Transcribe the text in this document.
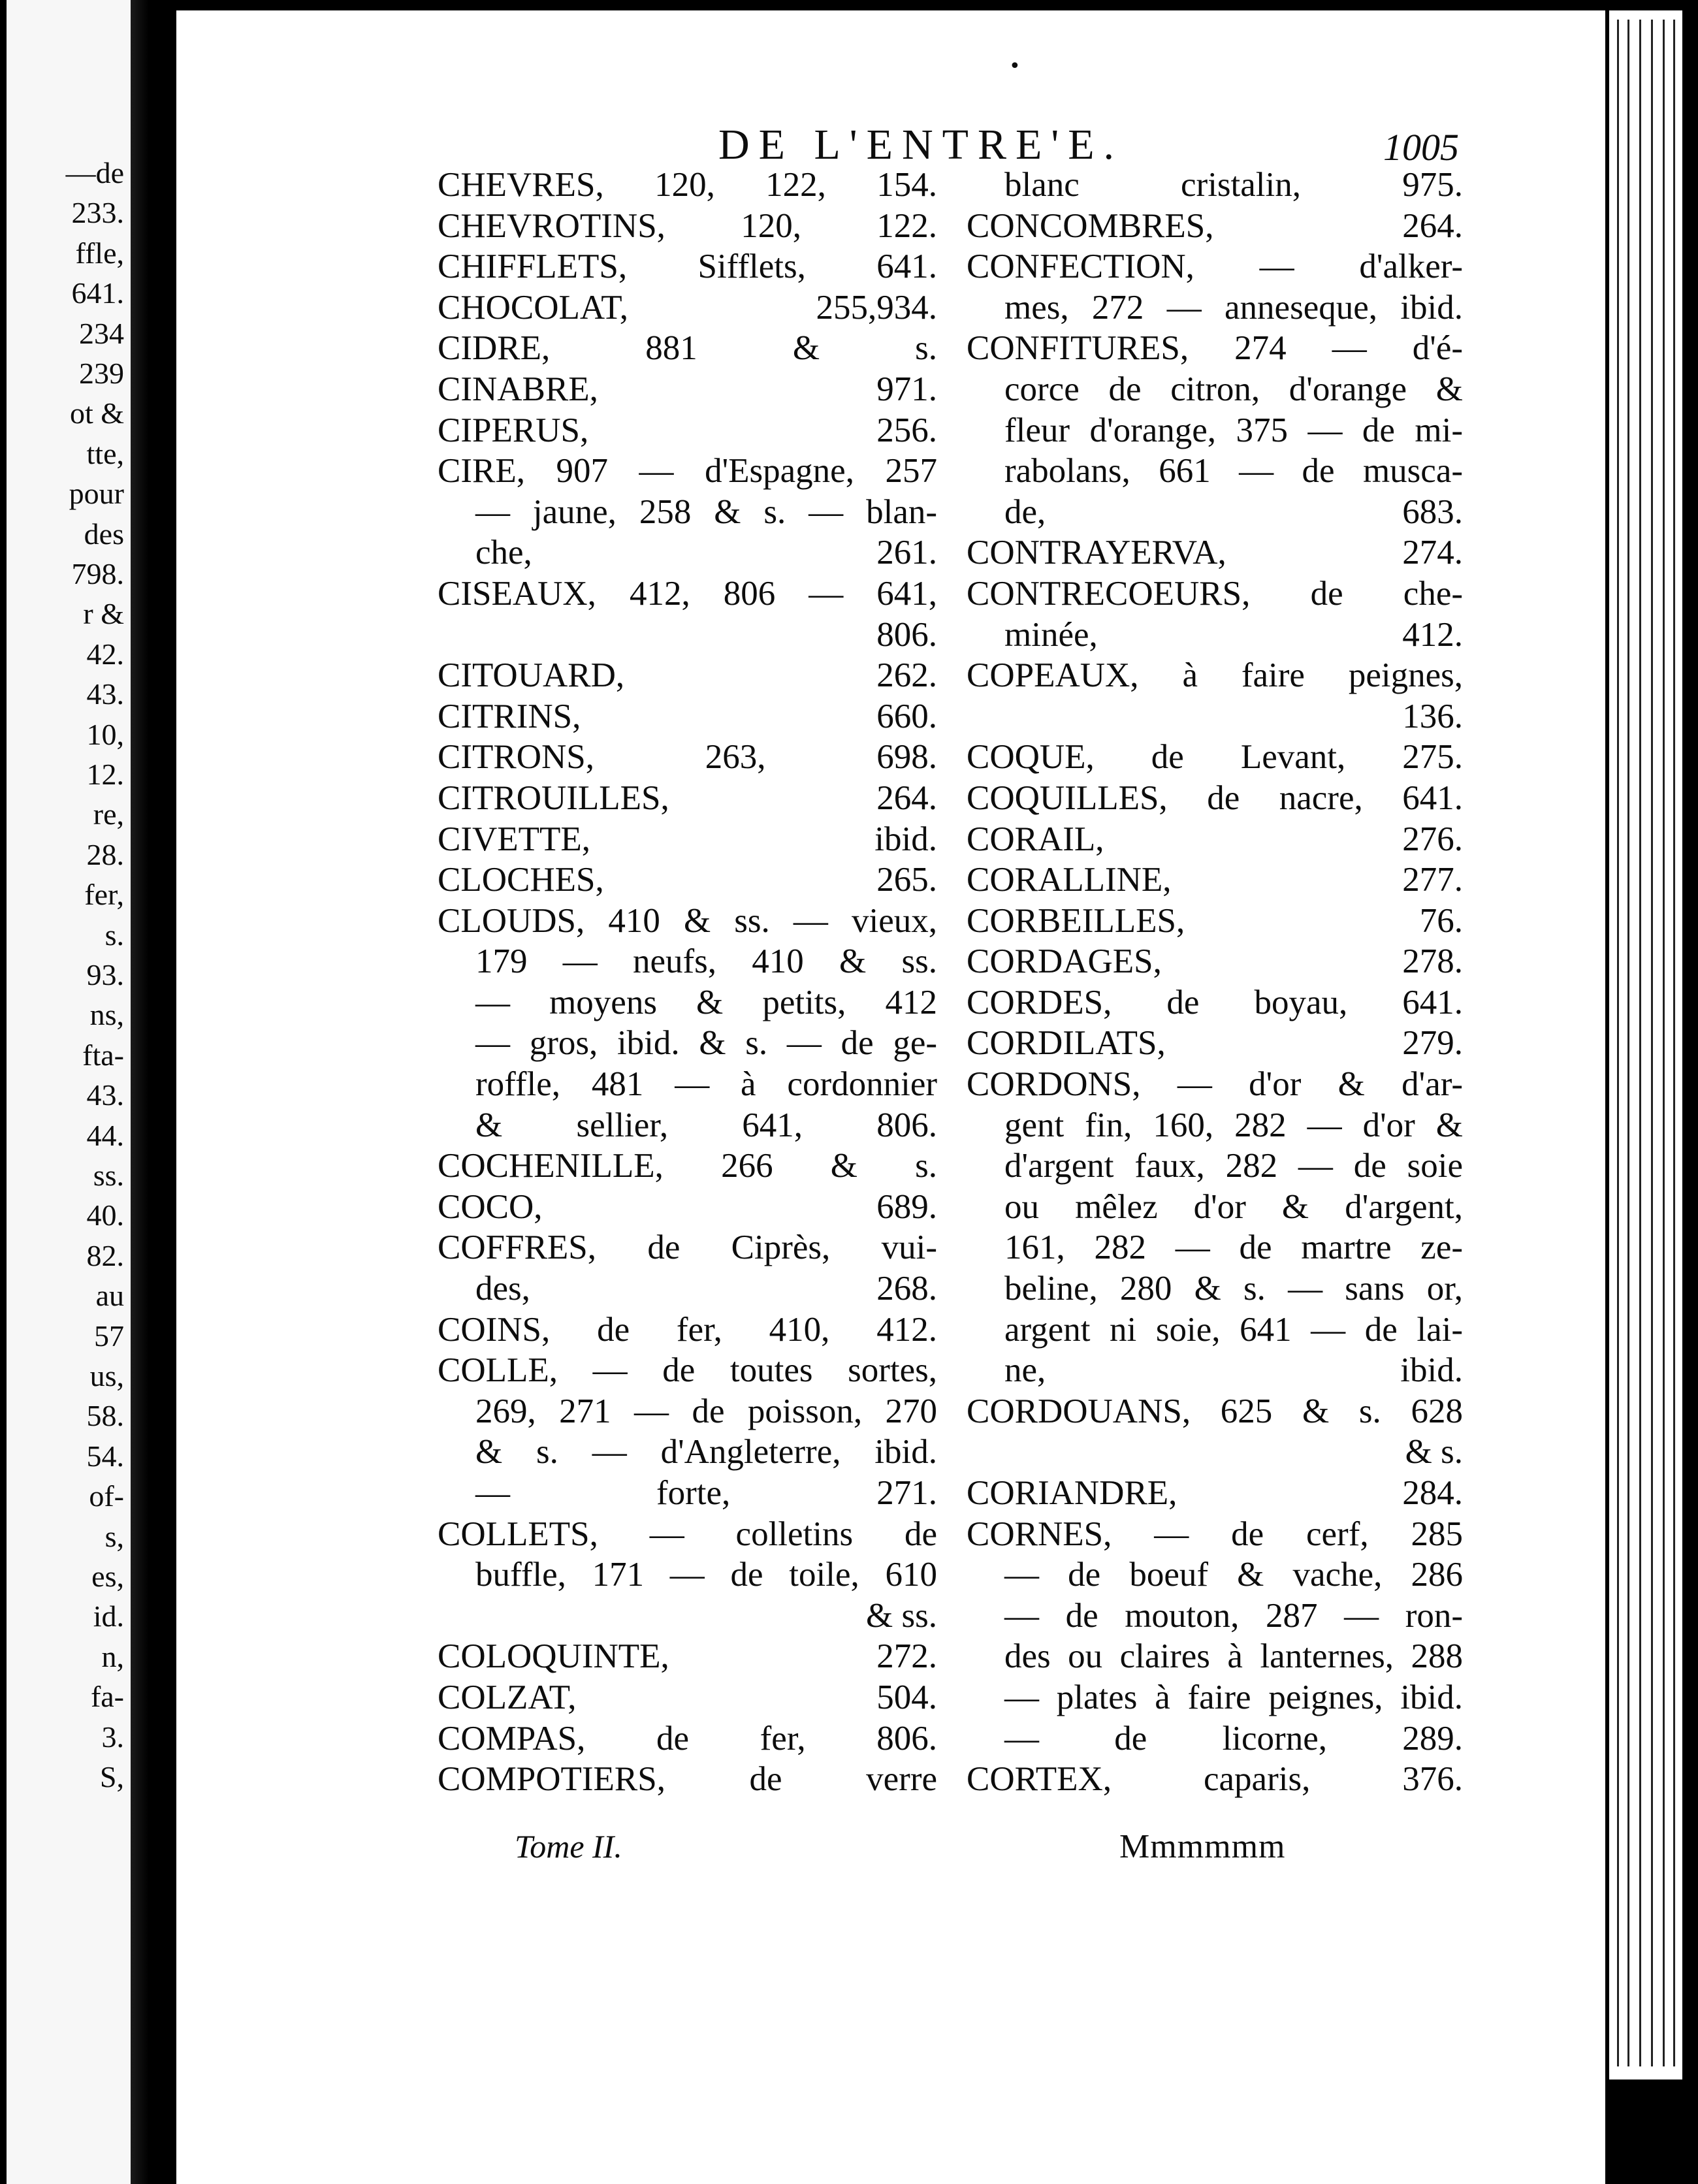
—de
233.
ffle,
641.
234
239
ot &
tte,
pour
des
798.
r &
42.
43.
10,
12.
re,
28.
fer,
s.
93.
ns,
fta-
43.
44.
ss.
40.
82.
au
57
us,
58.
54.
of-
s,
es,
id.
n,
fa-
3.
S,
•
DE L'ENTRE'E.	1005
CHEVRES, 120, 122, 154.
CHEVROTINS, 120, 122.
CHIFFLETS, Sifflets, 641.
CHOCOLAT, 255,934.
CIDRE, 881 & s.
CINABRE, 971.
CIPERUS, 256.
CIRE, 907 — d'Espagne, 257
— jaune, 258 & s. — blan-
che, 261.
CISEAUX, 412, 806 — 641,
806.
CITOUARD, 262.
CITRINS, 660.
CITRONS, 263, 698.
CITROUILLES, 264.
CIVETTE, ibid.
CLOCHES, 265.
CLOUDS, 410 & ss. — vieux,
179 — neufs, 410 & ss.
— moyens & petits, 412
— gros, ibid. & s. — de ge-
roffle, 481 — à cordonnier
& sellier, 641, 806.
COCHENILLE, 266 & s.
COCO, 689.
COFFRES, de Ciprès, vui-
des, 268.
COINS, de fer, 410, 412.
COLLE, — de toutes sortes,
269, 271 — de poisson, 270
& s. — d'Angleterre, ibid.
— forte, 271.
COLLETS, — colletins de
buffle, 171 — de toile, 610
& ss.
COLOQUINTE, 272.
COLZAT, 504.
COMPAS, de fer, 806.
COMPOTIERS, de verre
blanc cristalin, 975.
CONCOMBRES, 264.
CONFECTION, — d'alker-
mes, 272 — anneseque, ibid.
CONFITURES, 274 — d'é-
corce de citron, d'orange &
fleur d'orange, 375 — de mi-
rabolans, 661 — de musca-
de, 683.
CONTRAYERVA, 274.
CONTRECOEURS, de che-
minée, 412.
COPEAUX, à faire peignes,
136.
COQUE, de Levant, 275.
COQUILLES, de nacre, 641.
CORAIL, 276.
CORALLINE, 277.
CORBEILLES, 76.
CORDAGES, 278.
CORDES, de boyau, 641.
CORDILATS, 279.
CORDONS, — d'or & d'ar-
gent fin, 160, 282 — d'or &
d'argent faux, 282 — de soie
ou mêlez d'or & d'argent,
161, 282 — de martre ze-
beline, 280 & s. — sans or,
argent ni soie, 641 — de lai-
ne, ibid.
CORDOUANS, 625 & s. 628
& s.
CORIANDRE, 284.
CORNES, — de cerf, 285
— de boeuf & vache, 286
— de mouton, 287 — ron-
des ou claires à lanternes, 288
— plates à faire peignes, ibid.
— de licorne, 289.
CORTEX, caparis, 376.
Tome II.	Mmmmmm
